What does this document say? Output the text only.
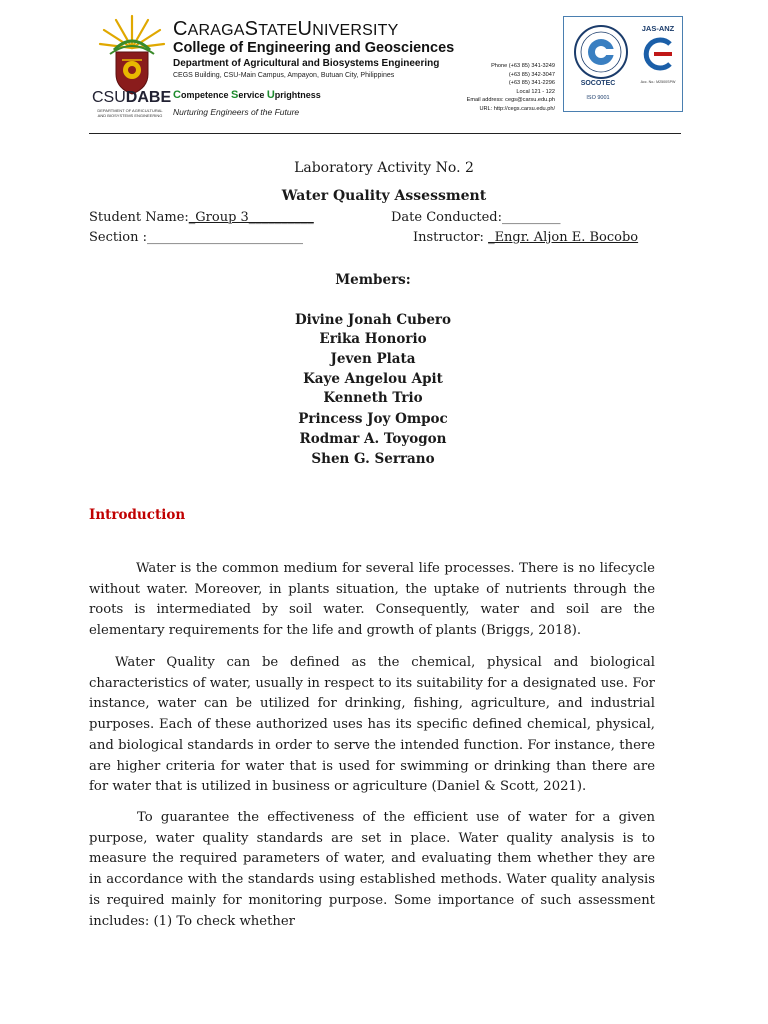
CSUDABE
DEPARTMENT OF AGRICULTURAL AND BIOSYSTEMS ENGINEERING
CARAGASTATEUNIVERSITY
College of Engineering and Geosciences
Department of Agricultural and Biosystems Engineering
CEGS Building, CSU-Main Campus, Ampayon, Butuan City, Philippines
Competence Service Uprightness
Nurturing Engineers of the Future
Phone (+63 85) 341-3249
(+63 85) 342-3047
(+63 85) 341-2296
Local 121 - 122
Email address: cegs@carsu.edu.ph
URL: http://cegs.carsu.edu.ph/
SOCOTEC
ISO 9001
JAS-ANZ
Acc. No.: M2500SPW
Laboratory Activity No. 2
Water Quality Assessment
Student Name:_Group 3__________	Date Conducted:_________
Section :________________________	Instructor: _Engr. Aljon E. Bocobo
Members:
Divine Jonah Cubero
Erika Honorio
Jeven Plata
Kaye Angelou Apit
Kenneth Trio
Princess Joy Ompoc
Rodmar A. Toyogon
Shen G. Serrano
Introduction
Water is the common medium for several life processes. There is no lifecycle without water. Moreover, in plants situation, the uptake of nutrients through the roots is intermediated by soil water. Consequently, water and soil are the elementary requirements for the life and growth of plants (Briggs, 2018).
Water Quality can be defined as the chemical, physical and biological characteristics of water, usually in respect to its suitability for a designated use. For instance, water can be utilized for drinking, fishing, agriculture, and industrial purposes. Each of these authorized uses has its specific defined chemical, physical, and biological standards in order to serve the intended function. For instance, there are higher criteria for water that is used for swimming or drinking than there are for water that is utilized in business or agriculture (Daniel & Scott, 2021).
To guarantee the effectiveness of the efficient use of water for a given purpose, water quality standards are set in place. Water quality analysis is to measure the required parameters of water, and evaluating them whether they are in accordance with the standards using established methods. Water quality analysis is required mainly for monitoring purpose. Some importance of such assessment includes: (1) To check whether
